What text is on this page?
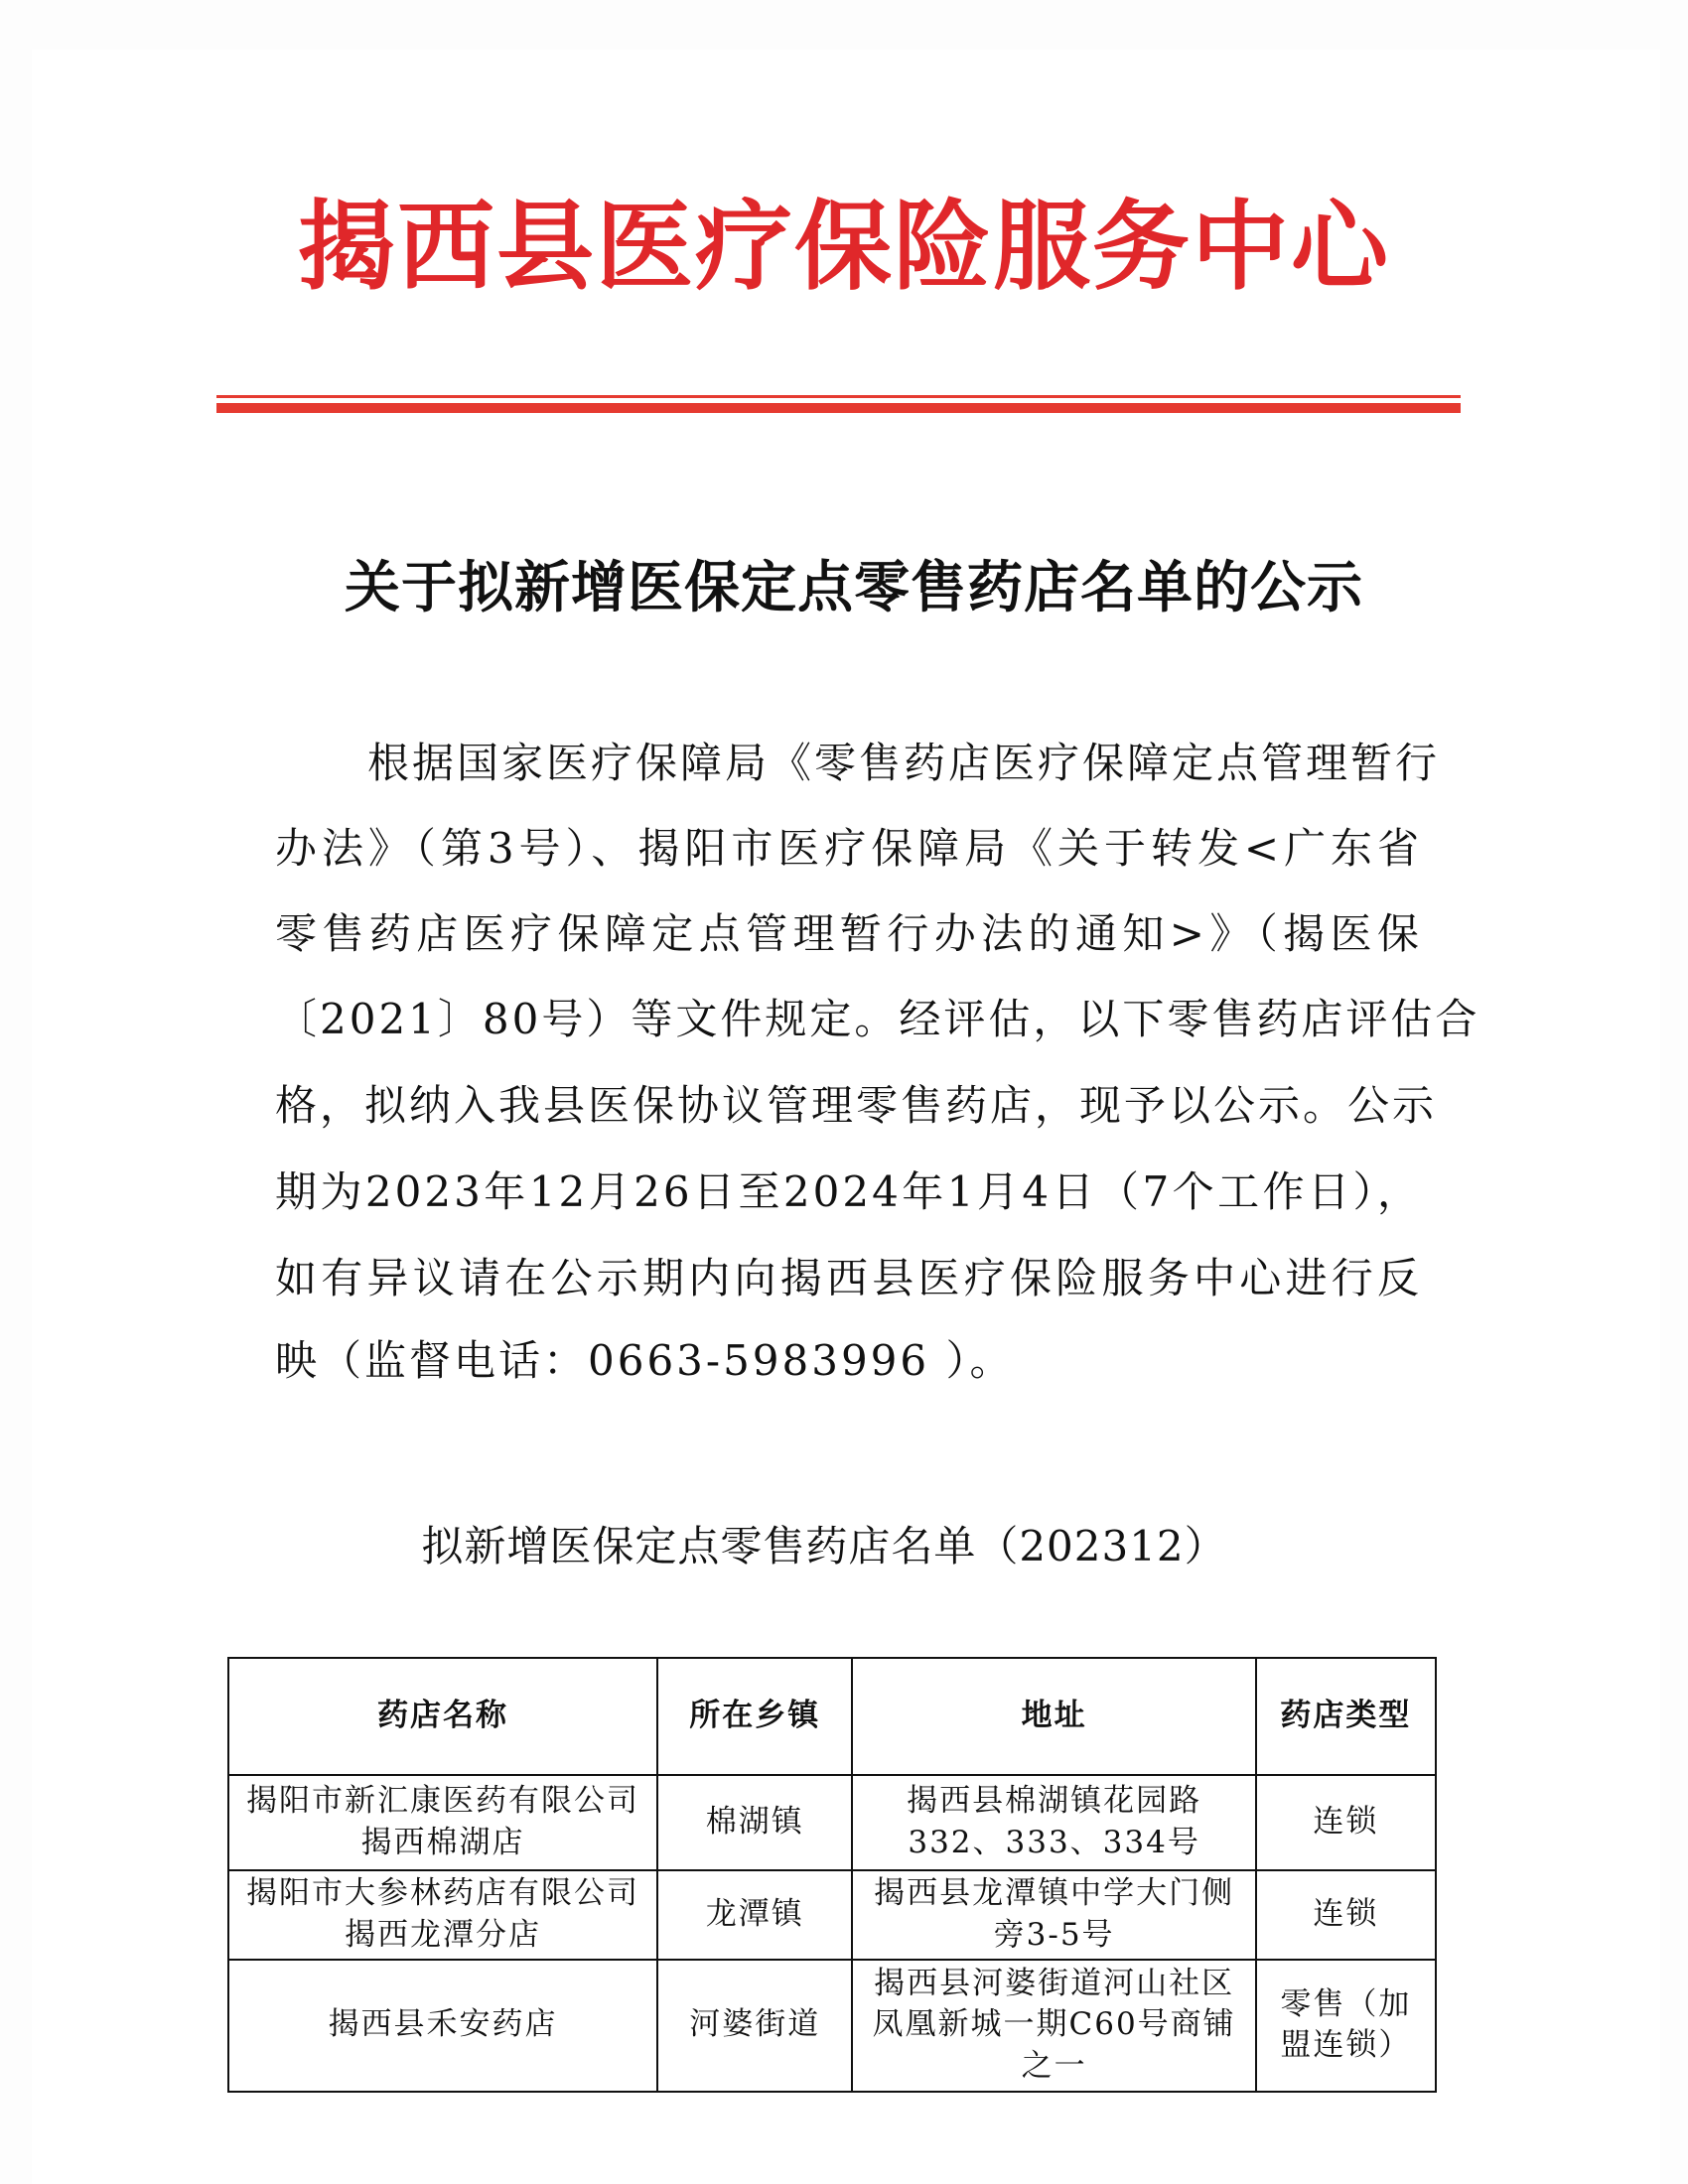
揭西县医疗保险服务中心
关于拟新增医保定点零售药店名单的公示
根据国家医疗保障局《零售药店医疗保障定点管理暂行
办法》（第3号）、揭阳市医疗保障局《关于转发<广东省
零售药店医疗保障定点管理暂行办法的通知>》（揭医保
〔2021〕80号）等文件规定。经评估，以下零售药店评估合
格，拟纳入我县医保协议管理零售药店，现予以公示。公示
期为2023年12月26日至2024年1月4日（7个工作日），
如有异议请在公示期内向揭西县医疗保险服务中心进行反
映（监督电话：0663-5983996 ）。
拟新增医保定点零售药店名单（202312）
药店名称	所在乡镇	地址	药店类型
揭阳市新汇康医药有限公司揭西棉湖店	棉湖镇	揭西县棉湖镇花园路332、333、334号	连锁
揭阳市大参林药店有限公司揭西龙潭分店	龙潭镇	揭西县龙潭镇中学大门侧旁3-5号	连锁
揭西县禾安药店	河婆街道	揭西县河婆街道河山社区凤凰新城一期C60号商铺之一	零售（加盟连锁）
